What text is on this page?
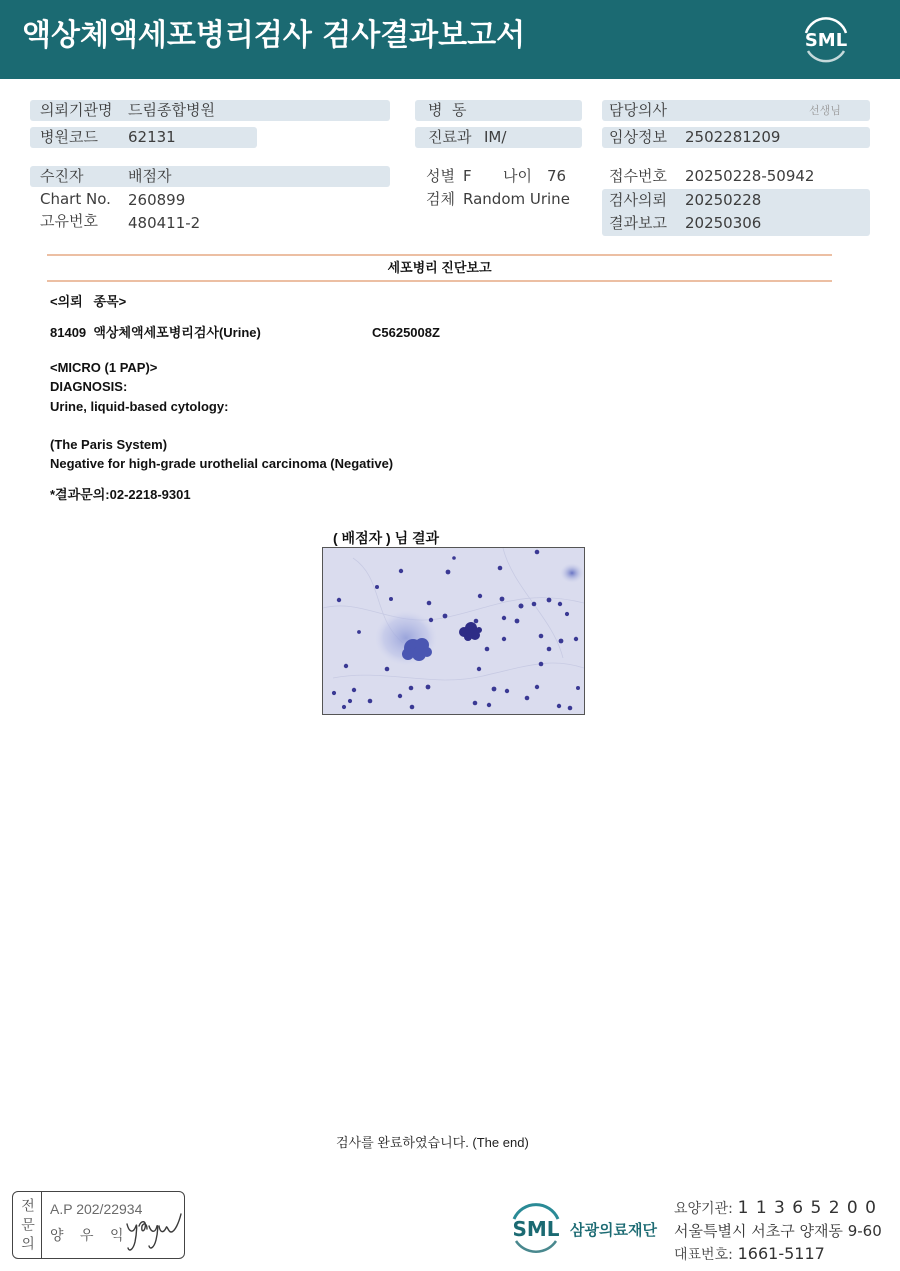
액상체액세포병리검사 검사결과보고서	SML
의뢰기관명 드림종합병원
병원코드 62131
수진자	배점자
Chart No. 260899
고유번호 480411-2
병  동
진료과 IM/
성별 F 나이 76
검체 Random Urine
담당의사	선생님
임상정보 2502281209
접수번호 20250228-50942
검사의뢰 20250228
결과보고 20250306
세포병리 진단보고
<의뢰   종목>
81409  액상체액세포병리검사(Urine)	C5625008Z
<MICRO (1 PAP)>
DIAGNOSIS:
Urine, liquid-based cytology:
(The Paris System)
Negative for high-grade urothelial carcinoma (Negative)
*결과문의:02-2218-9301
( 배점자 ) 님 결과
검사를 완료하였습니다. (The end)
전문의 A.P 202/22934
양 우 익	SML 삼광의료재단
요양기관: 1 1 3 6 5 2 0 0
서울특별시 서초구 양재동 9-60
대표번호: 1661-5117
